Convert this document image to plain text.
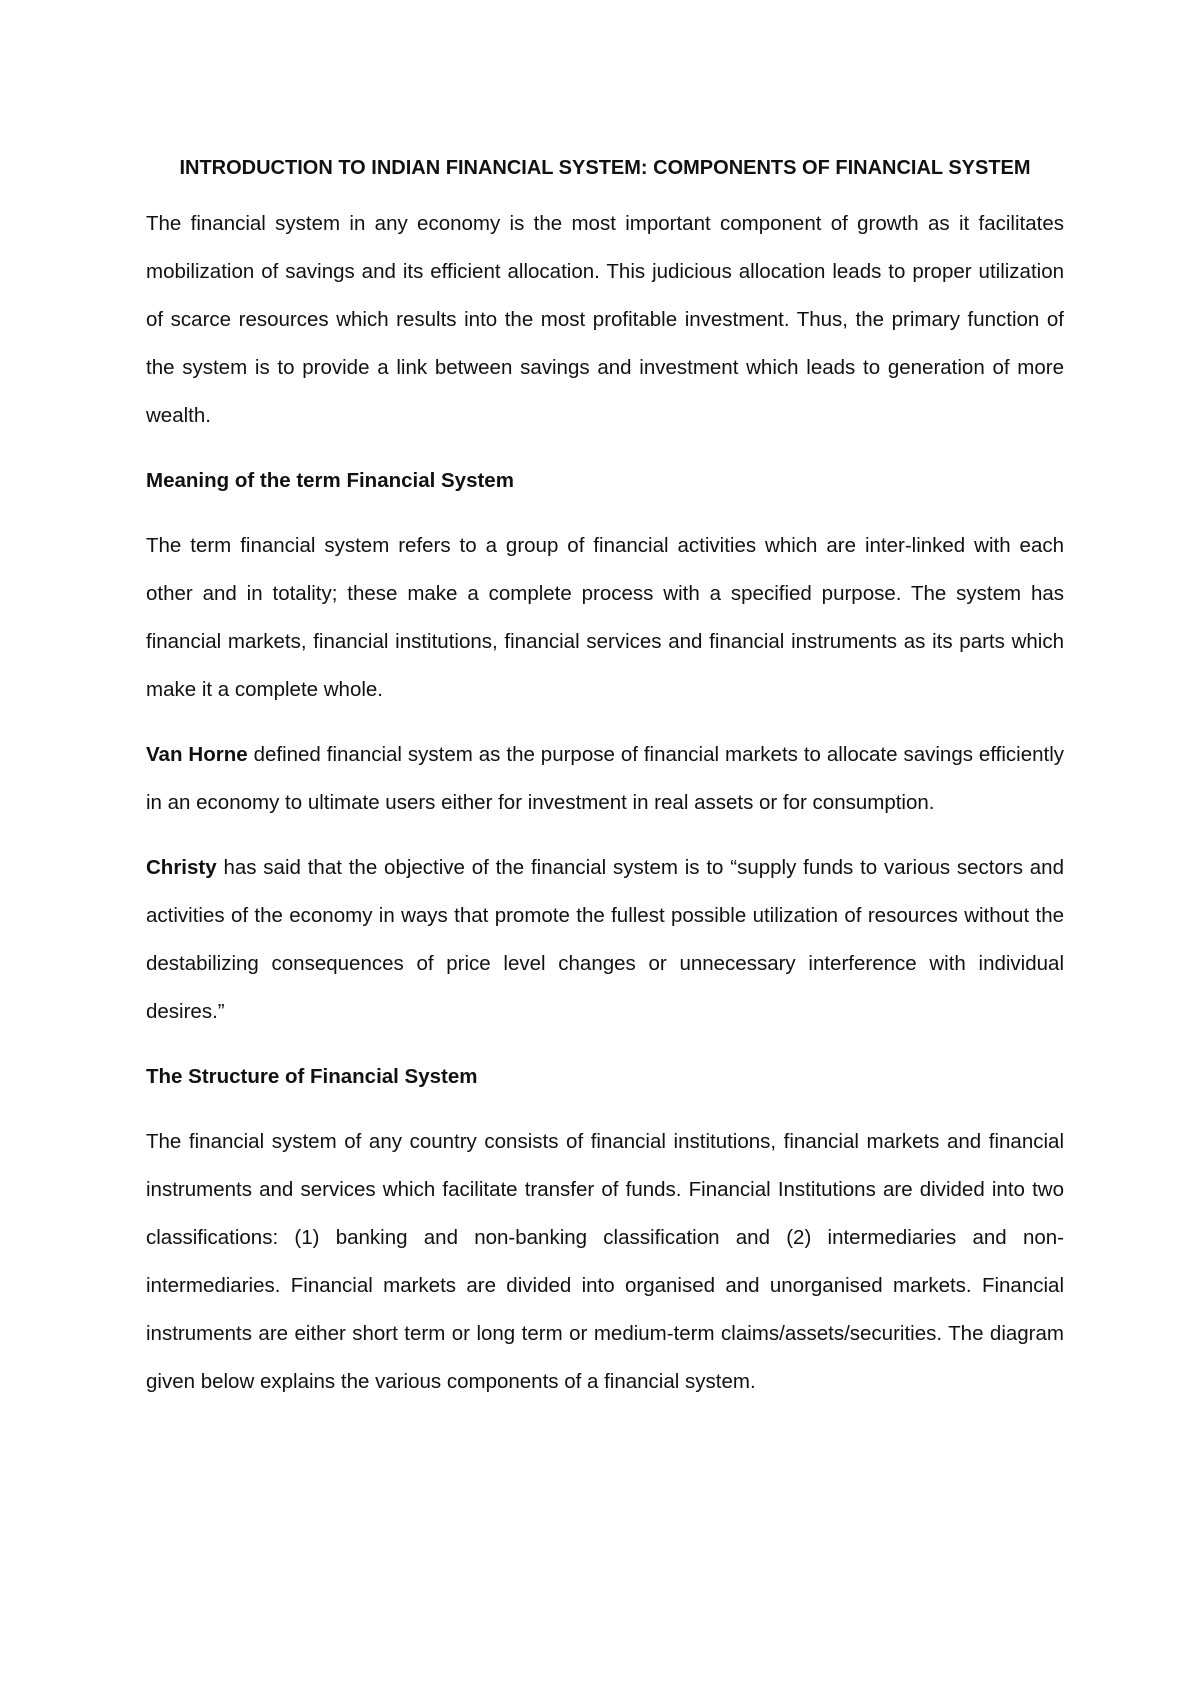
INTRODUCTION TO INDIAN FINANCIAL SYSTEM: COMPONENTS OF FINANCIAL SYSTEM

The financial system in any economy is the most important component of growth as it facilitates mobilization of savings and its efficient allocation. This judicious allocation leads to proper utilization of scarce resources which results into the most profitable investment. Thus, the primary function of the system is to provide a link between savings and investment which leads to generation of more wealth.

Meaning of the term Financial System

The term financial system refers to a group of financial activities which are inter-linked with each other and in totality; these make a complete process with a specified purpose. The system has financial markets, financial institutions, financial services and financial instruments as its parts which make it a complete whole.

Van Horne defined financial system as the purpose of financial markets to allocate savings efficiently in an economy to ultimate users either for investment in real assets or for consumption.

Christy has said that the objective of the financial system is to “supply funds to various sectors and activities of the economy in ways that promote the fullest possible utilization of resources without the destabilizing consequences of price level changes or unnecessary interference with individual desires.”

The Structure of Financial System

The financial system of any country consists of financial institutions, financial markets and financial instruments and services which facilitate transfer of funds. Financial Institutions are divided into two classifications: (1) banking and non-banking classification and (2) intermediaries and non-intermediaries. Financial markets are divided into organised and unorganised markets. Financial instruments are either short term or long term or medium-term claims/assets/securities. The diagram given below explains the various components of a financial system.
